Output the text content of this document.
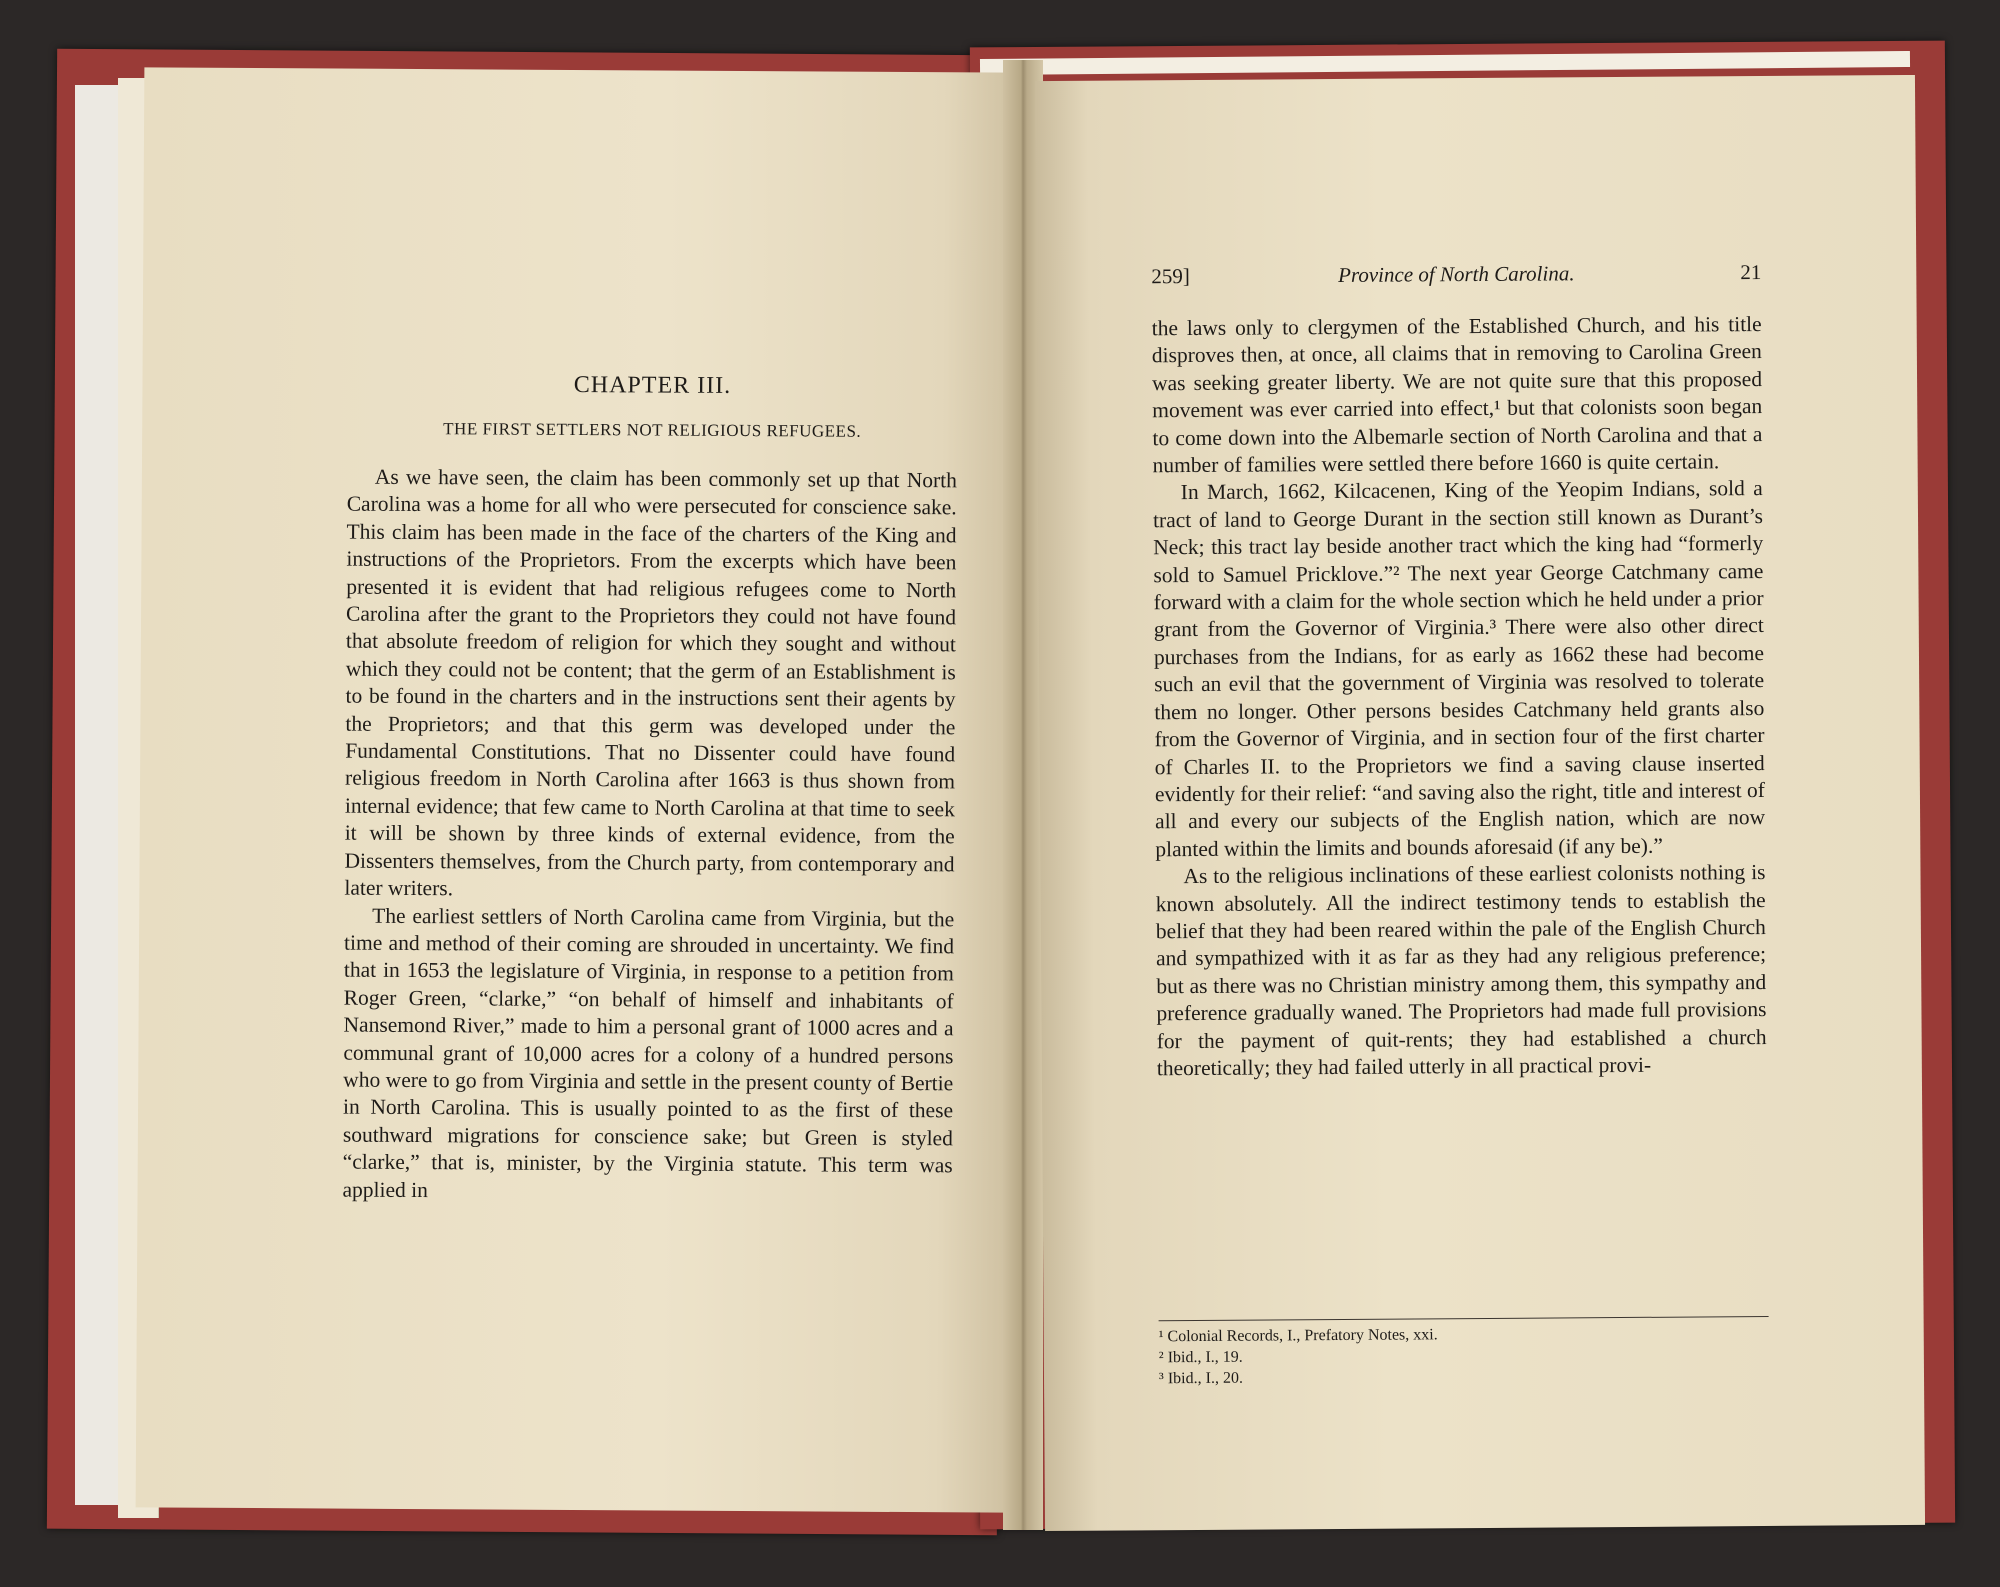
CHAPTER III.
THE FIRST SETTLERS NOT RELIGIOUS REFUGEES.

As we have seen, the claim has been commonly set up that North Carolina was a home for all who were persecuted for conscience sake. This claim has been made in the face of the charters of the King and instructions of the Proprietors. From the excerpts which have been presented it is evident that had religious refugees come to North Carolina after the grant to the Proprietors they could not have found that absolute freedom of religion for which they sought and without which they could not be content; that the germ of an Establishment is to be found in the charters and in the instructions sent their agents by the Proprietors; and that this germ was developed under the Fundamental Constitutions. That no Dissenter could have found religious freedom in North Carolina after 1663 is thus shown from internal evidence; that few came to North Carolina at that time to seek it will be shown by three kinds of external evidence, from the Dissenters themselves, from the Church party, from contemporary and later writers.

The earliest settlers of North Carolina came from Virginia, but the time and method of their coming are shrouded in uncertainty. We find that in 1653 the legislature of Virginia, in response to a petition from Roger Green, “clarke,” “on behalf of himself and inhabitants of Nansemond River,” made to him a personal grant of 1000 acres and a communal grant of 10,000 acres for a colony of a hundred persons who were to go from Virginia and settle in the present county of Bertie in North Carolina. This is usually pointed to as the first of these southward migrations for conscience sake; but Green is styled “clarke,” that is, minister, by the Virginia statute. This term was applied in

259]	Province of North Carolina.	21

the laws only to clergymen of the Established Church, and his title disproves then, at once, all claims that in removing to Carolina Green was seeking greater liberty. We are not quite sure that this proposed movement was ever carried into effect,¹ but that colonists soon began to come down into the Albemarle section of North Carolina and that a number of families were settled there before 1660 is quite certain.

In March, 1662, Kilcacenen, King of the Yeopim Indians, sold a tract of land to George Durant in the section still known as Durant’s Neck; this tract lay beside another tract which the king had “formerly sold to Samuel Pricklove.”² The next year George Catchmany came forward with a claim for the whole section which he held under a prior grant from the Governor of Virginia.³ There were also other direct purchases from the Indians, for as early as 1662 these had become such an evil that the government of Virginia was resolved to tolerate them no longer. Other persons besides Catchmany held grants also from the Governor of Virginia, and in section four of the first charter of Charles II. to the Proprietors we find a saving clause inserted evidently for their relief: “and saving also the right, title and interest of all and every our subjects of the English nation, which are now planted within the limits and bounds aforesaid (if any be).”

As to the religious inclinations of these earliest colonists nothing is known absolutely. All the indirect testimony tends to establish the belief that they had been reared within the pale of the English Church and sympathized with it as far as they had any religious preference; but as there was no Christian ministry among them, this sympathy and preference gradually waned. The Proprietors had made full provisions for the payment of quit-rents; they had established a church theoretically; they had failed utterly in all practical provi-

¹ Colonial Records, I., Prefatory Notes, xxi.
² Ibid., I., 19.
³ Ibid., I., 20.
